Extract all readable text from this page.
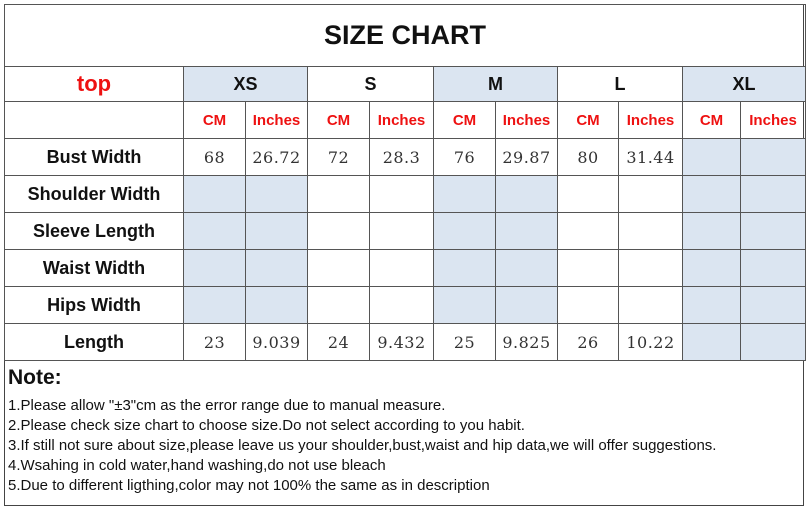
SIZE CHART										
top	XS		S		M		L		XL	
	CM	Inches	CM	Inches	CM	Inches	CM	Inches	CM	Inches
Bust Width	68	26.72	72	28.3	76	29.87	80	31.44		
Shoulder Width										
Sleeve Length										
Waist Width										
Hips Width										
Length	23	9.039	24	9.432	25	9.825	26	10.22		
Note:
1.Please allow "±3"cm as the error range due to manual measure.
2.Please check size chart to choose size.Do not select according to you habit.
3.If still not sure about size,please leave us your shoulder,bust,waist and hip data,we will offer suggestions.
4.Wsahing in cold water,hand washing,do not use bleach
5.Due to different ligthing,color may not 100% the same as in description
